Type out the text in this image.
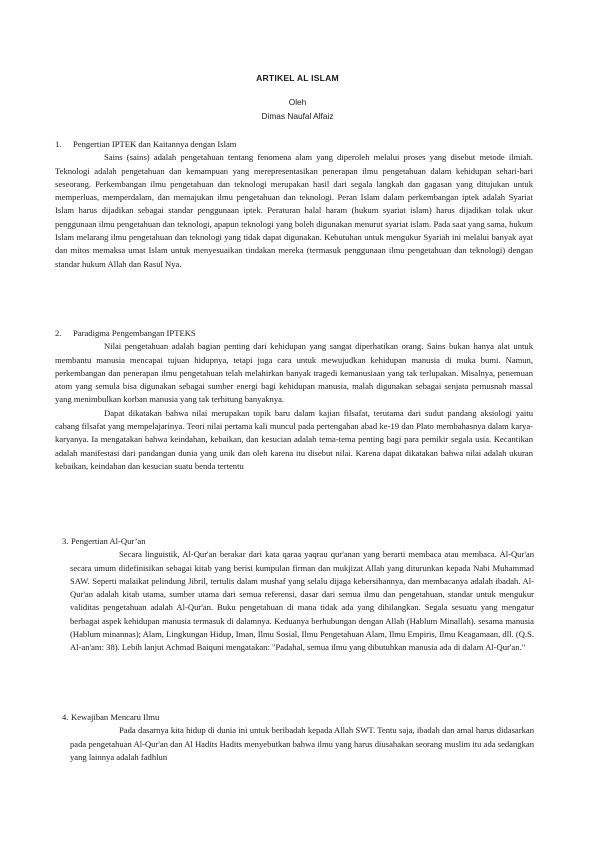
ARTIKEL AL ISLAM
Oleh
Dimas Naufal Alfaiz
1. Pengertian IPTEK dan Kaitannya dengan Islam

Sains (sains) adalah pengetahuan tentang fenomena alam yang diperoleh melalui proses yang disebut metode ilmiah. Teknologi adalah pengetahuan dan kemampuan yang merepresentasikan penerapan ilmu pengetahuan dalam kehidupan sehari-hari seseorang. Perkembangan ilmu pengetahuan dan teknologi merupakan hasil dari segala langkah dan gagasan yang ditujukan untuk memperluas, memperdalam, dan memajukan ilmu pengetahuan dan teknologi. Peran Islam dalam perkembangan iptek adalah Syariat Islam harus dijadikan sebagai standar penggunaan iptek. Peraturan halal haram (hukum syariat islam) harus dijadikan tolak ukur penggunaan ilmu pengetahuan dan teknologi, apapun teknologi yang boleh digunakan menurut syariat islam. Pada saat yang sama, hukum Islam melarang ilmu pengetahuan dan teknologi yang tidak dapat digunakan. Kebutuhan untuk mengukur Syariah ini melalui banyak ayat dan mitos memaksa umat Islam untuk menyesuaikan tindakan mereka (termasuk penggunaan ilmu pengetahuan dan teknologi) dengan standar hukum Allah dan Rasul Nya.

2. Paradigma Pengembangan IPTEKS

Nilai pengetahuan adalah bagian penting dari kehidupan yang sangat diperhatikan orang. Sains bukan hanya alat untuk membantu manusia mencapai tujuan hidupnya, tetapi juga cara untuk mewujudkan kehidupan manusia di muka bumi. Namun, perkembangan dan penerapan ilmu pengetahuan telah melahirkan banyak tragedi kemanusiaan yang tak terlupakan. Misalnya, penemuan atom yang semula bisa digunakan sebagai sumber energi bagi kehidupan manusia, malah digunakan sebagai senjata pemusnah massal yang menimbulkan korban manusia yang tak terhitung banyaknya.

Dapat dikatakan bahwa nilai merupakan topik baru dalam kajian filsafat, terutama dari sudut pandang aksiologi yaitu cabang filsafat yang mempelajarinya. Teori nilai pertama kali muncul pada pertengahan abad ke-19 dan Plato membahasnya dalam karya-karyanya. Ia mengatakan bahwa keindahan, kebaikan, dan kesucian adalah tema-tema penting bagi para pemikir segala usia. Kecantikan adalah manifestasi dari pandangan dunia yang unik dan oleh karena itu disebut nilai. Karena dapat dikatakan bahwa nilai adalah ukuran kebaikan, keindahan dan kesucian suatu benda tertentu

3. Pengertian Al-Qur’an

Secara linguistik, Al-Qur'an berakar dari kata qaraa yaqrau qur'anan yang berarti membaca atau membaca. Al-Qur'an secara umum didefinisikan sebagai kitab yang berisi kumpulan firman dan mukjizat Allah yang diturunkan kepada Nabi Muhammad SAW. Seperti malaikat pelindung Jibril, tertulis dalam mushaf yang selalu dijaga kebersihannya, dan membacanya adalah ibadah. Al-Qur'an adalah kitab utama, sumber utama dari semua referensi, dasar dari semua ilmu dan pengetahuan, standar untuk mengukur validitas pengetahuan adalah Al-Qur'an. Buku pengetahuan di mana tidak ada yang dihilangkan. Segala sesuatu yang mengatur berbagai aspek kehidupan manusia termasuk di dalamnya. Keduanya berhubungan dengan Allah (Hablum Minallah). sesama manusia (Hablum minannas); Alam, Lingkungan Hidup, Iman, Ilmu Sosial, Ilmu Pengetahuan Alam, Ilmu Empiris, Ilmu Keagamaan, dll. (Q.S. Al-an'am: 38). Lebih lanjut Achmad Baiquni mengatakan: "Padahal, semua ilmu yang dibutuhkan manusia ada di dalam Al-Qur'an."

4. Kewajiban Mencaru Ilmu

Pada dasarnya kita hidup di dunia ini untuk beribadah kepada Allah SWT. Tentu saja, ibadah dan amal harus didasarkan pada pengetahuan Al-Qur'an dan Al Hadits Hadits menyebutkan bahwa ilmu yang harus diusahakan seorang muslim itu ada sedangkan yang lainnya adalah fadhlun
